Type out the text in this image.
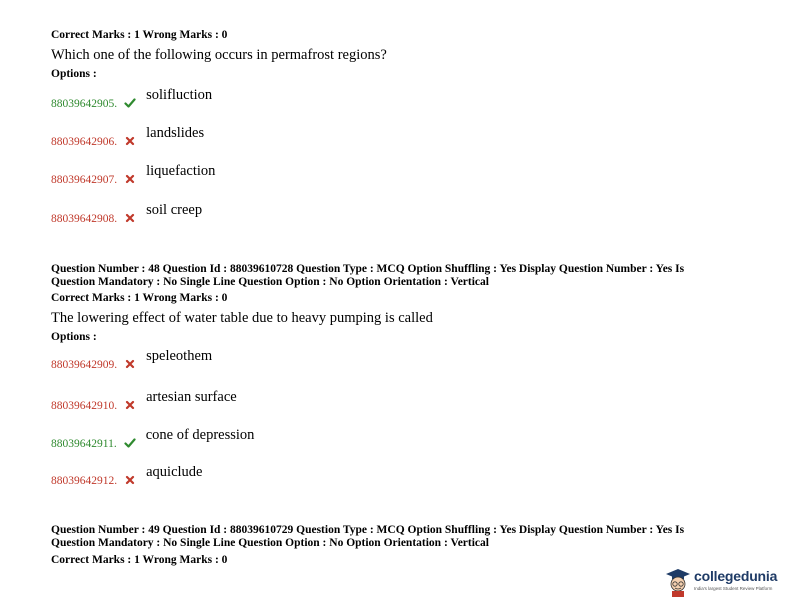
Correct Marks : 1 Wrong Marks : 0
Which one of the following occurs in permafrost regions?
Options :
88039642905.  solifluction
88039642906.  landslides
88039642907.  liquefaction
88039642908.  soil creep
Question Number : 48 Question Id : 88039610728 Question Type : MCQ Option Shuffling : Yes Display Question Number : Yes Is
Question Mandatory : No Single Line Question Option : No Option Orientation : Vertical
Correct Marks : 1 Wrong Marks : 0
The lowering effect of water table due to heavy pumping is called
Options :
88039642909.  speleothem
88039642910.  artesian surface
88039642911.  cone of depression
88039642912.  aquiclude
Question Number : 49 Question Id : 88039610729 Question Type : MCQ Option Shuffling : Yes Display Question Number : Yes Is
Question Mandatory : No Single Line Question Option : No Option Orientation : Vertical
Correct Marks : 1 Wrong Marks : 0
collegedunia
India's largest Student Review Platform
